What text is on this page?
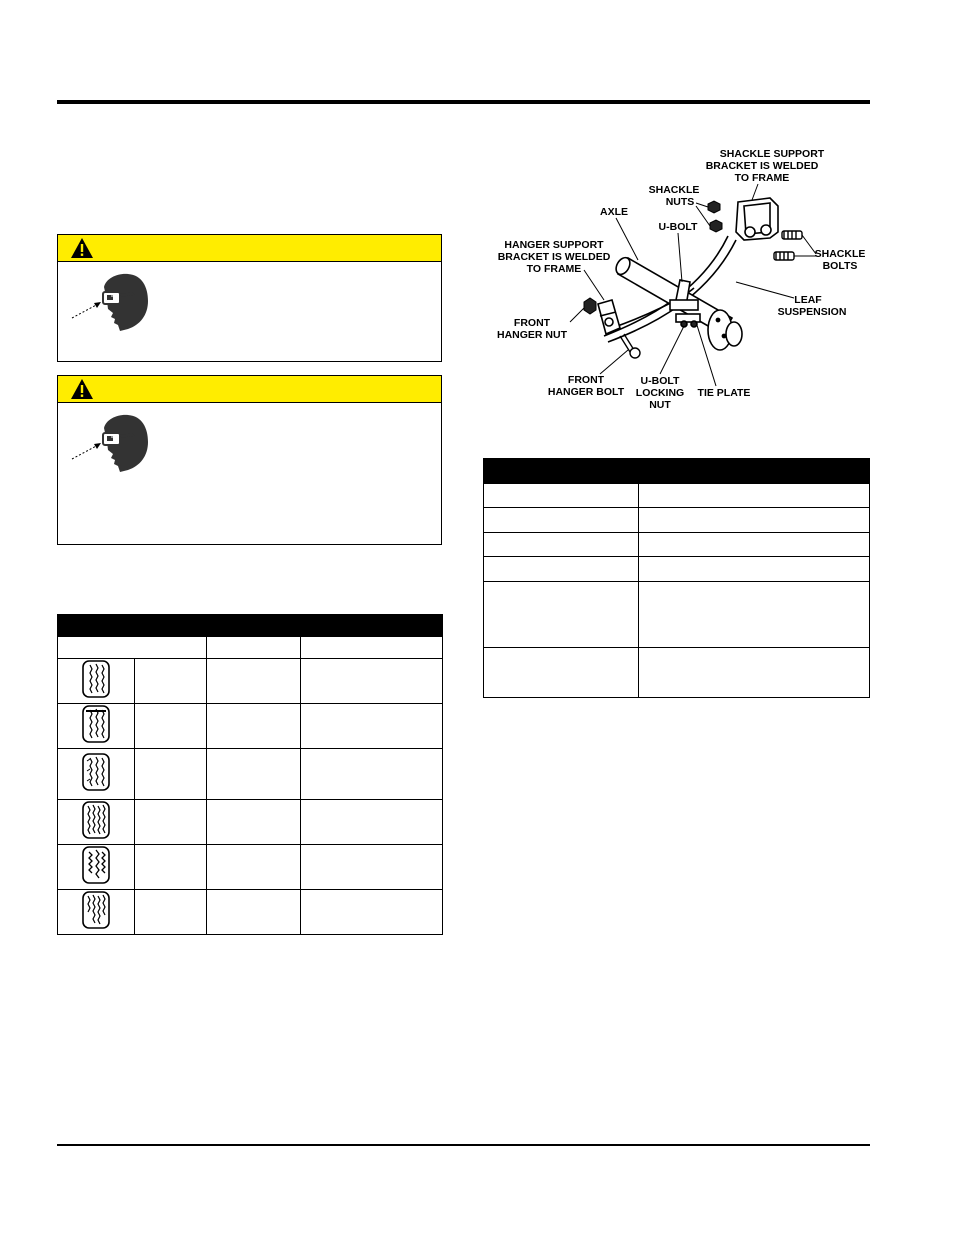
SHACKLE SUPPORT
BRACKET IS WELDED
TO FRAME
SHACKLE
NUTS
AXLE
U-BOLT
HANGER SUPPORT
BRACKET IS WELDED
TO FRAME
SHACKLE
BOLTS
LEAF
SUSPENSION
FRONT
HANGER NUT
FRONT
HANGER BOLT
U-BOLT
LOCKING
NUT
TIE PLATE
